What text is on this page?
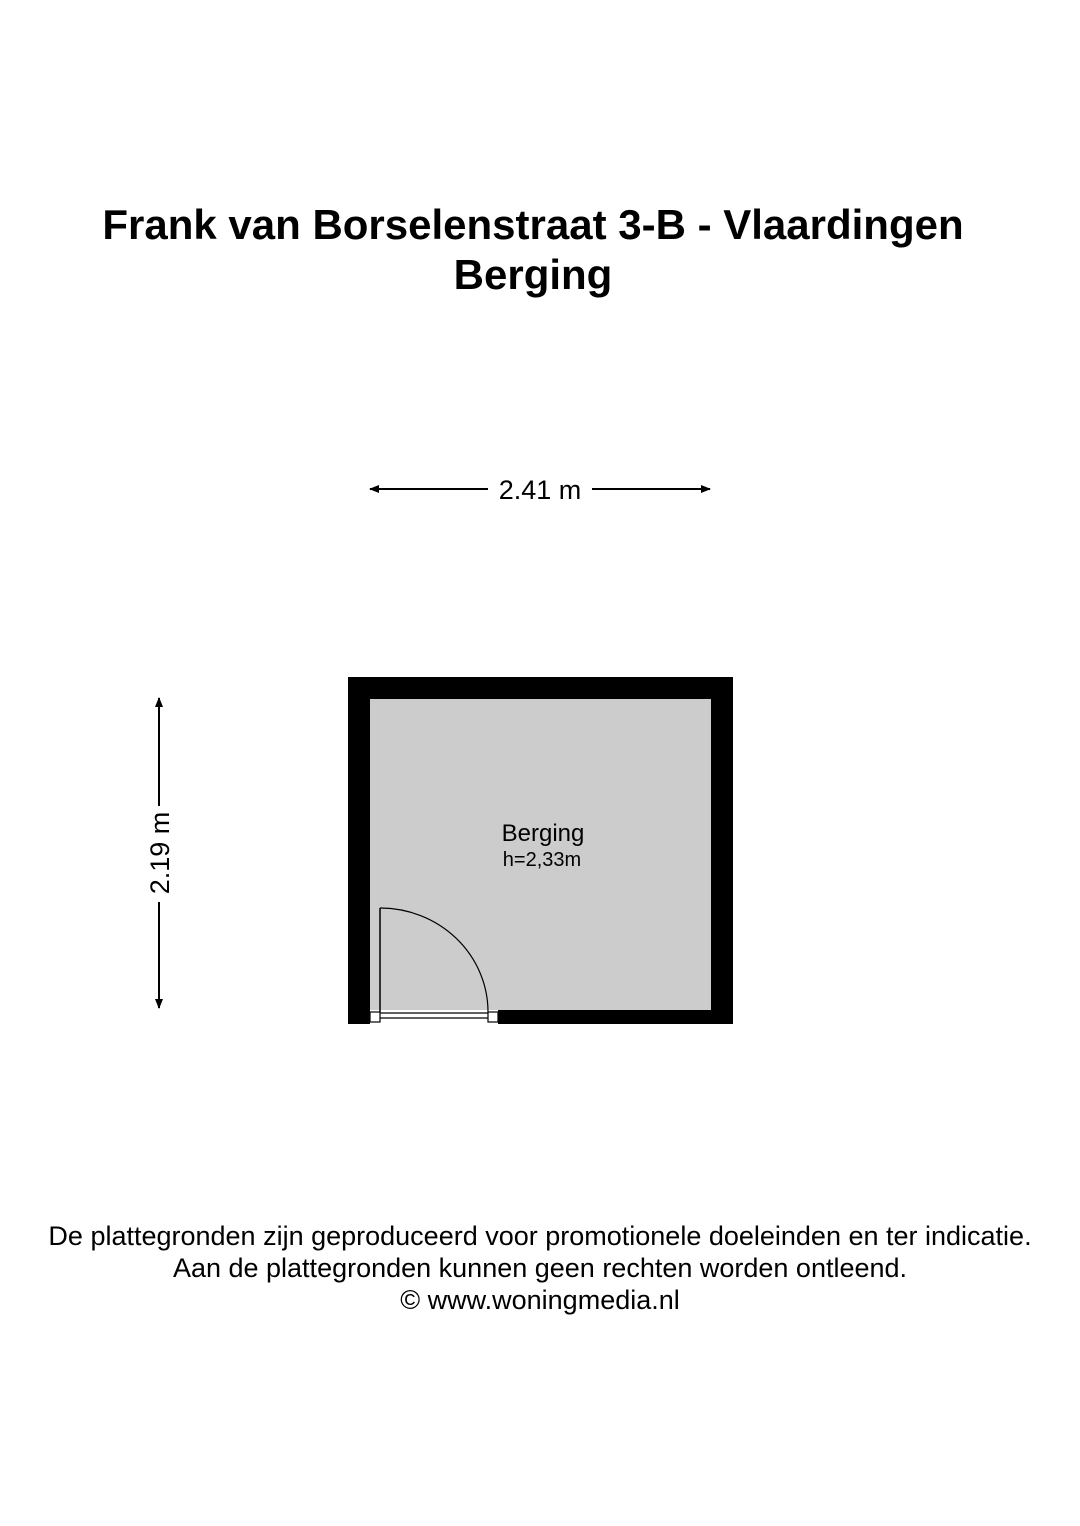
Frank van Borselenstraat 3-B - Vlaardingen
Berging
2.41 m
2.19 m	Berging
h=2,33m
De plattegronden zijn geproduceerd voor promotionele doeleinden en ter indicatie.
Aan de plattegronden kunnen geen rechten worden ontleend.
© www.woningmedia.nl
